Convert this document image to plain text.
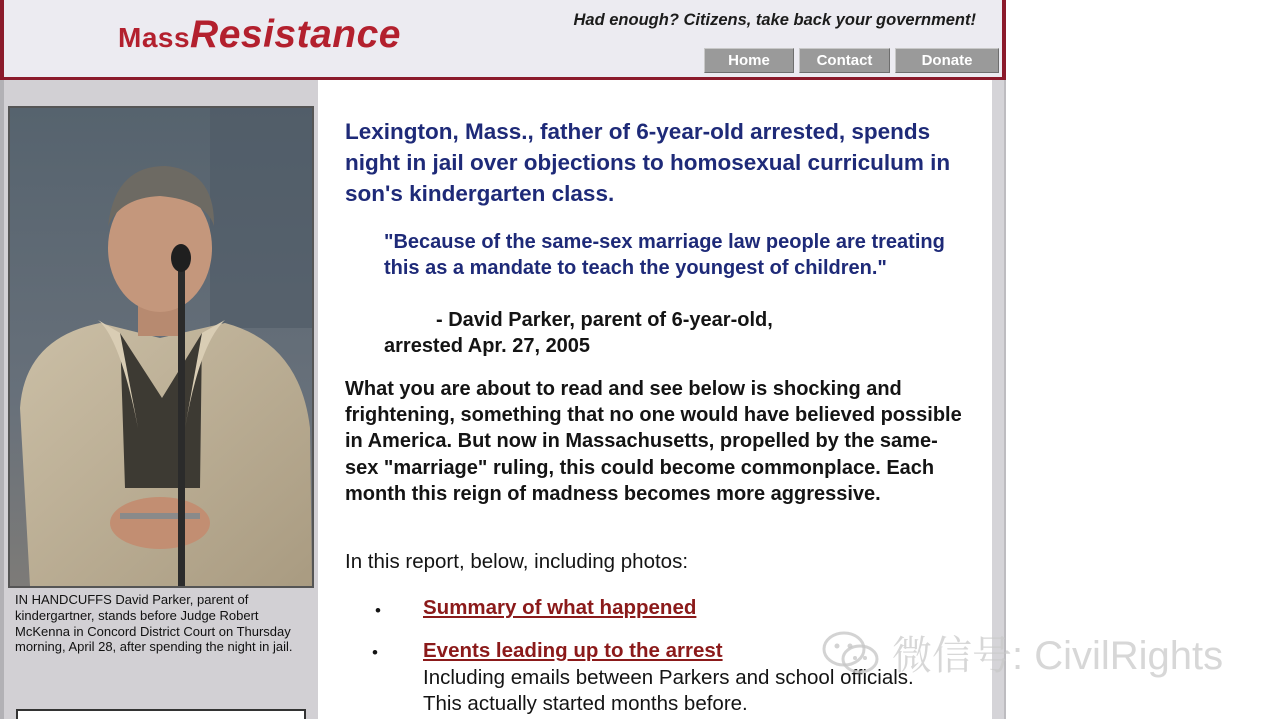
MassResistance	Had enough? Citizens, take back your government!
Home	Contact	Donate
IN HANDCUFFS David Parker, parent of kindergartner, stands before Judge Robert McKenna in Concord District Court on Thursday morning, April 28, after spending the night in jail.
Lexington, Mass., father of 6-year-old arrested, spends night in jail over objections to homosexual curriculum in son's kindergarten class.
"Because of the same-sex marriage law people are treating this as a mandate to teach the youngest of children."
- David Parker, parent of 6-year-old,
arrested Apr. 27, 2005
What you are about to read and see below is shocking and frightening, something that no one would have believed possible in America. But now in Massachusetts, propelled by the same-sex "marriage" ruling, this could become commonplace. Each month this reign of madness becomes more aggressive.
In this report, below, including photos:
• Summary of what happened
• Events leading up to the arrest
Including emails between Parkers and school officials. This actually started months before.
微信号: CivilRights
